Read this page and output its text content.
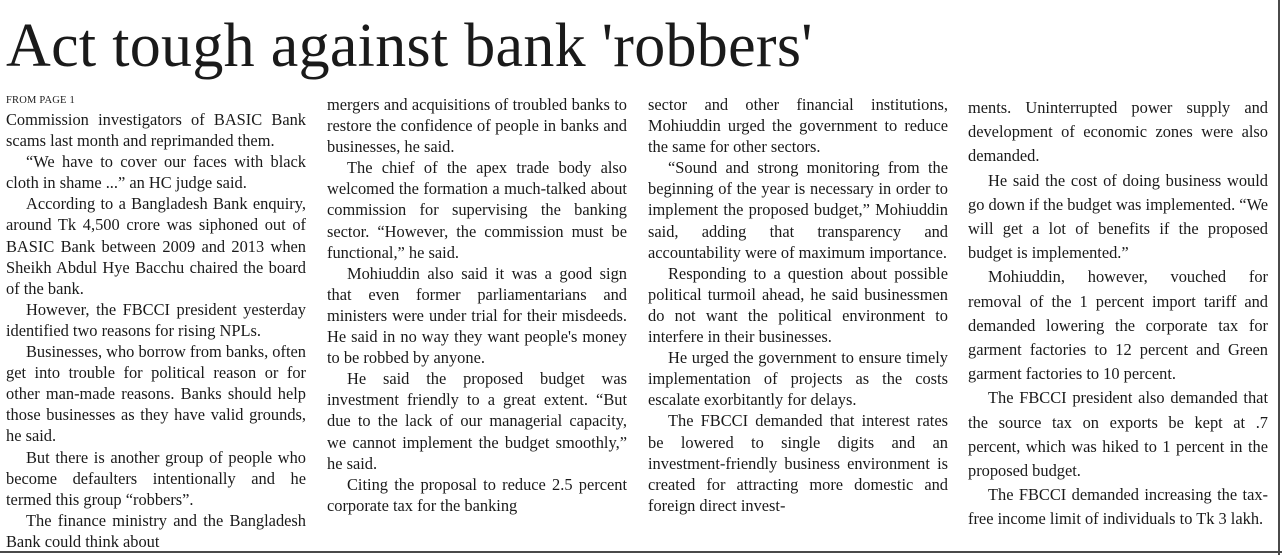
Act tough against bank 'robbers'
FROM PAGE 1

Commission investigators of BASIC Bank scams last month and reprimanded them.

“We have to cover our faces with black cloth in shame ...” an HC judge said.

According to a Bangladesh Bank enquiry, around Tk 4,500 crore was siphoned out of BASIC Bank between 2009 and 2013 when Sheikh Abdul Hye Bacchu chaired the board of the bank.

However, the FBCCI president yesterday identified two reasons for rising NPLs.

Businesses, who borrow from banks, often get into trouble for political reason or for other man-made reasons. Banks should help those businesses as they have valid grounds, he said.

But there is another group of people who become defaulters intentionally and he termed this group “robbers”.

The finance ministry and the Bangladesh Bank could think about

mergers and acquisitions of troubled banks to restore the confidence of people in banks and businesses, he said.

The chief of the apex trade body also welcomed the formation a much-talked about commission for supervising the banking sector. “However, the commission must be functional,” he said.

Mohiuddin also said it was a good sign that even former parliamentarians and ministers were under trial for their misdeeds. He said in no way they want people's money to be robbed by anyone.

He said the proposed budget was investment friendly to a great extent. “But due to the lack of our managerial capacity, we cannot implement the budget smoothly,” he said.

Citing the proposal to reduce 2.5 percent corporate tax for the banking

sector and other financial institutions, Mohiuddin urged the government to reduce the same for other sectors.

“Sound and strong monitoring from the beginning of the year is necessary in order to implement the proposed budget,” Mohiuddin said, adding that transparency and accountability were of maximum importance.

Responding to a question about possible political turmoil ahead, he said businessmen do not want the political environment to interfere in their businesses.

He urged the government to ensure timely implementation of projects as the costs escalate exorbitantly for delays.

The FBCCI demanded that interest rates be lowered to single digits and an investment-friendly business environment is created for attracting more domestic and foreign direct invest-

ments. Uninterrupted power supply and development of economic zones were also demanded.

He said the cost of doing business would go down if the budget was implemented. “We will get a lot of benefits if the proposed budget is implemented.”

Mohiuddin, however, vouched for removal of the 1 percent import tariff and demanded lowering the corporate tax for garment factories to 12 percent and Green garment factories to 10 percent.

The FBCCI president also demanded that the source tax on exports be kept at .7 percent, which was hiked to 1 percent in the proposed budget.

The FBCCI demanded increasing the tax-free income limit of individuals to Tk 3 lakh.
